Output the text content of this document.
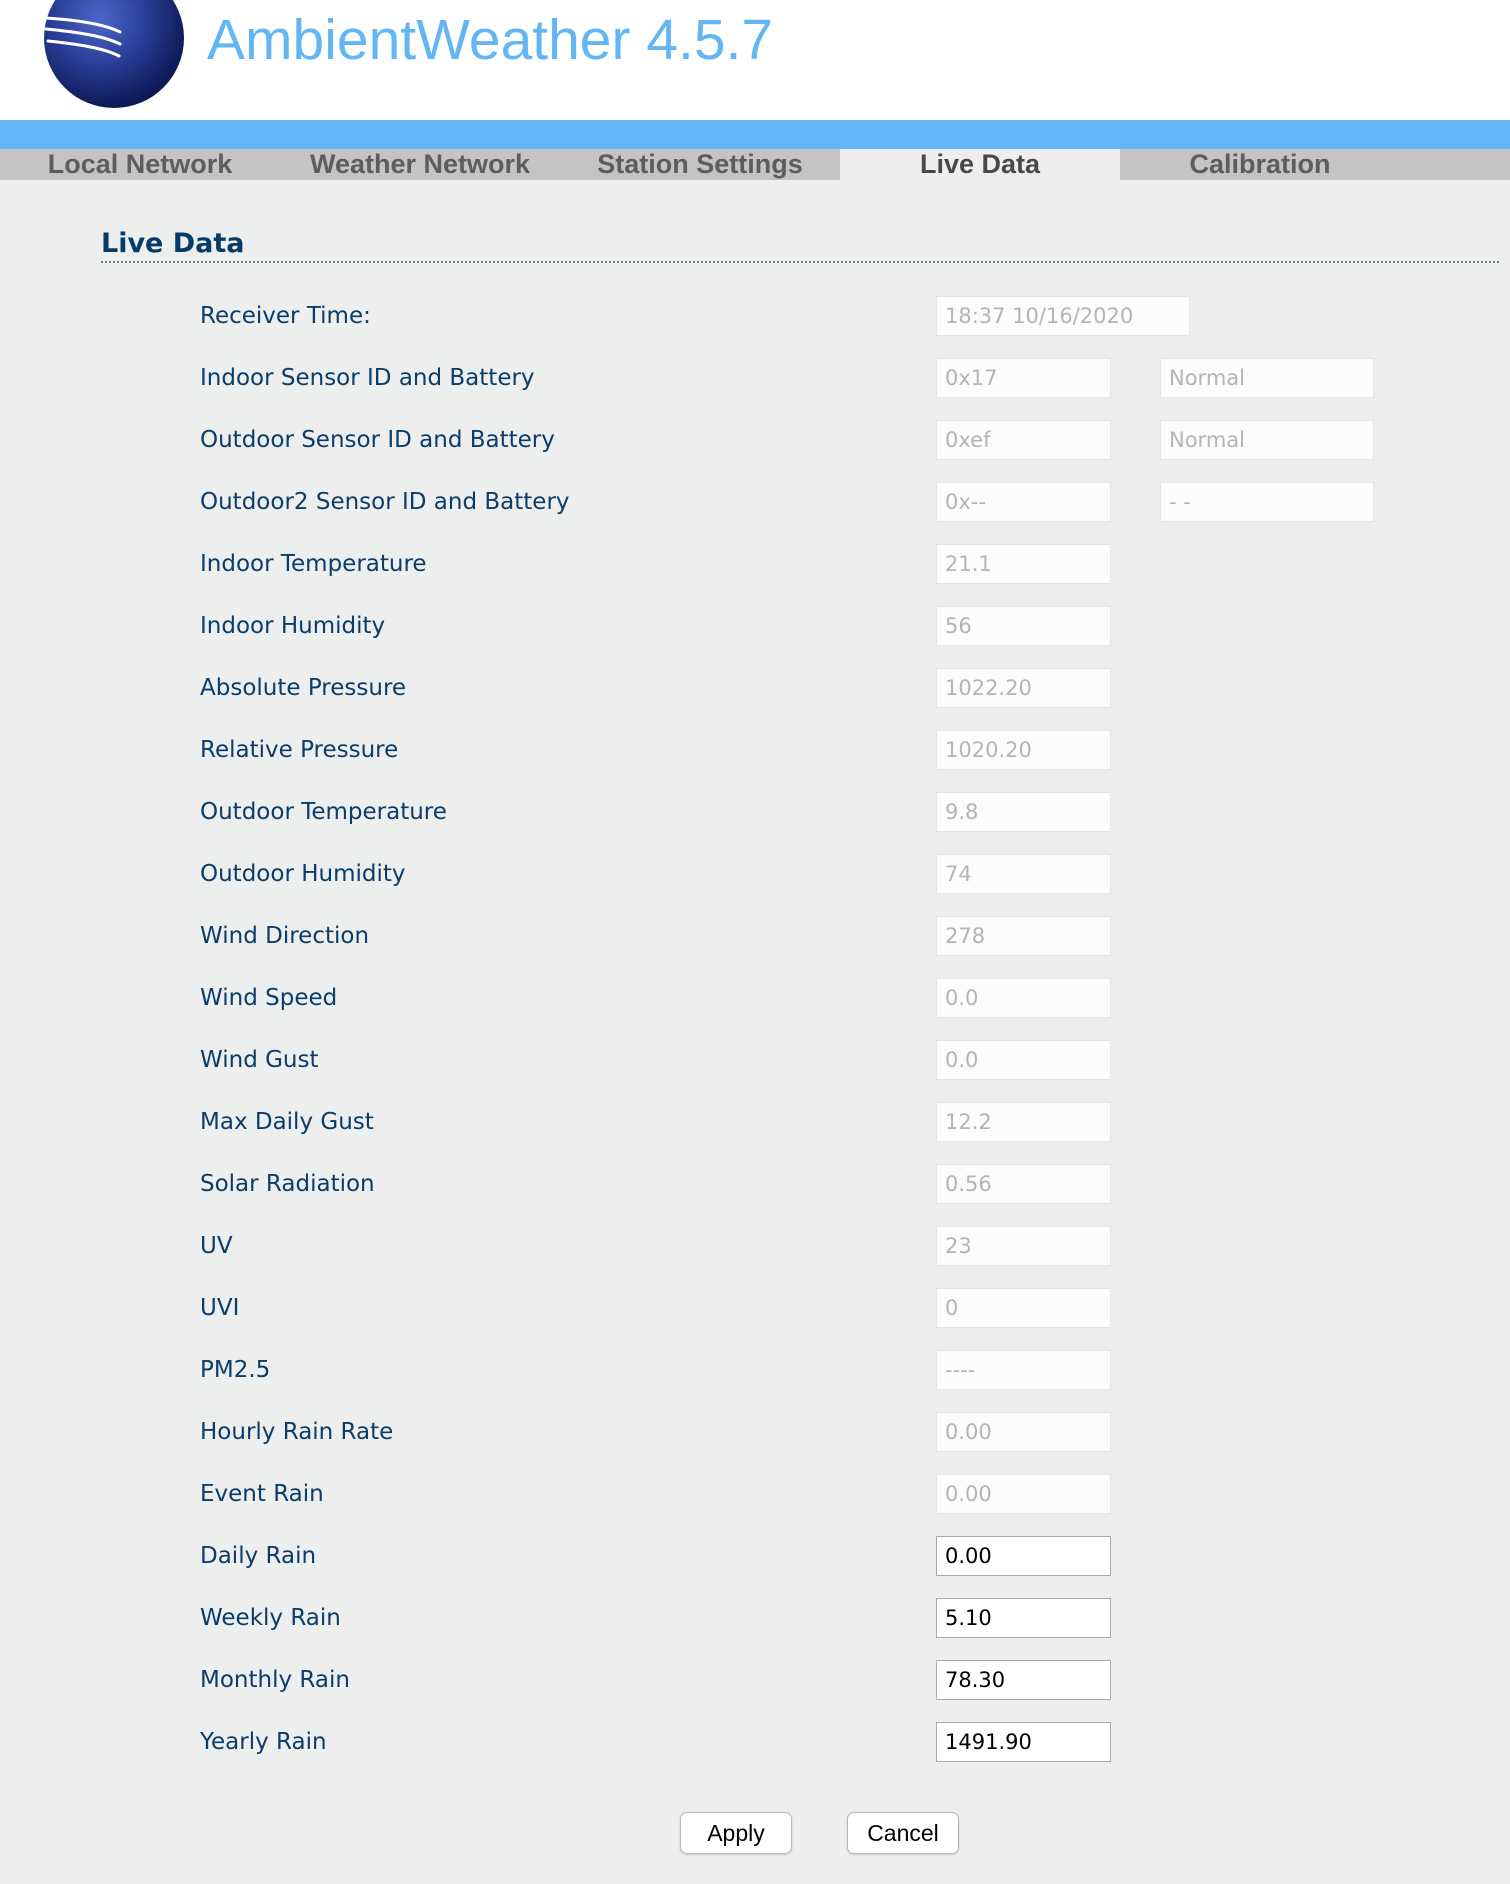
AmbientWeather 4.5.7
Local Network	Weather Network	Station Settings	Live Data	Calibration
Live Data
Receiver Time:	18:37 10/16/2020
Indoor Sensor ID and Battery	0x17	Normal
Outdoor Sensor ID and Battery	0xef	Normal
Outdoor2 Sensor ID and Battery	0x--	- -
Indoor Temperature	21.1
Indoor Humidity	56
Absolute Pressure	1022.20
Relative Pressure	1020.20
Outdoor Temperature	9.8
Outdoor Humidity	74
Wind Direction	278
Wind Speed	0.0
Wind Gust	0.0
Max Daily Gust	12.2
Solar Radiation	0.56
UV	23
UVI	0
PM2.5	----
Hourly Rain Rate	0.00
Event Rain	0.00
Daily Rain	0.00
Weekly Rain	5.10
Monthly Rain	78.30
Yearly Rain	1491.90
Apply	Cancel
